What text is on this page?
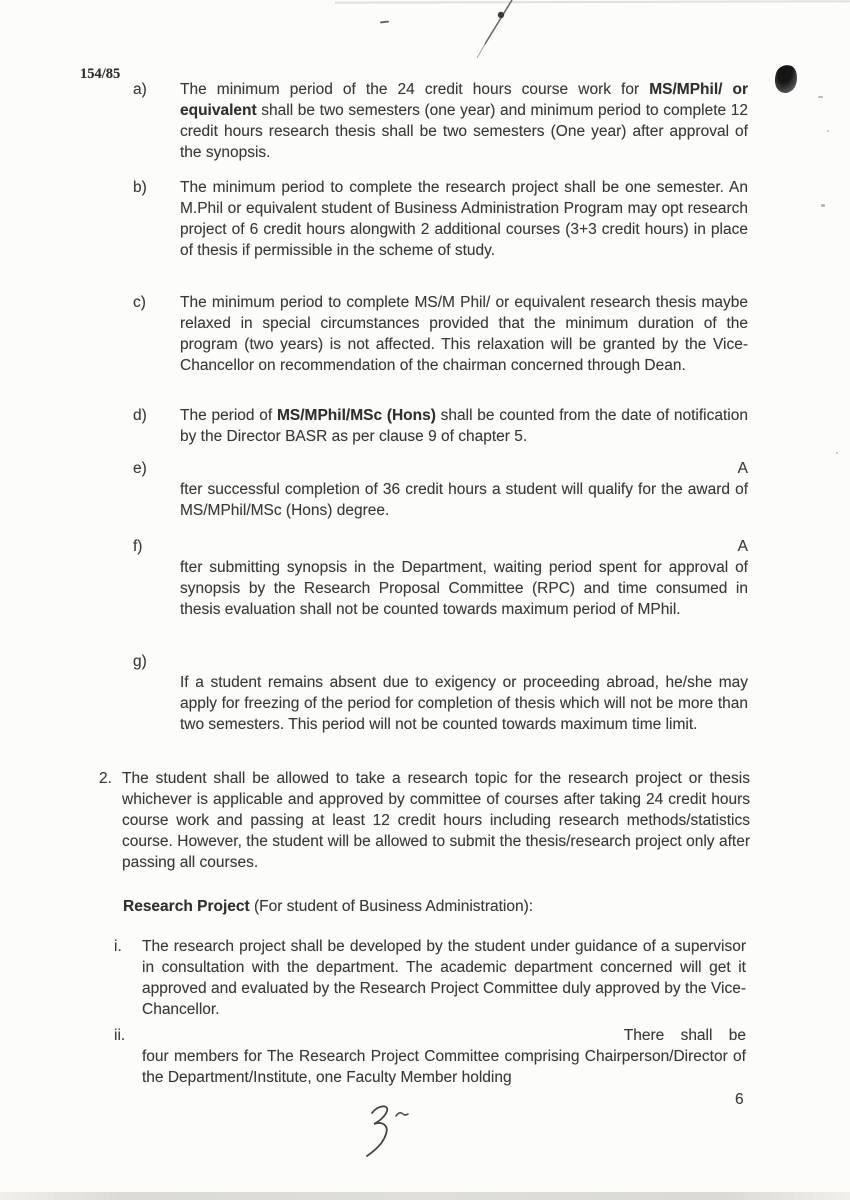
154/85
a)	The minimum period of the 24 credit hours course work for MS/MPhil/ or equivalent shall be two semesters (one year) and minimum period to complete 12 credit hours research thesis shall be two semesters (One year) after approval of the synopsis.
b)	The minimum period to complete the research project shall be one semester. An M.Phil or equivalent student of Business Administration Program may opt research project of 6 credit hours alongwith 2 additional courses (3+3 credit hours) in place of thesis if permissible in the scheme of study.
c)	The minimum period to complete MS/M Phil/ or equivalent research thesis maybe relaxed in special circumstances provided that the minimum duration of the program (two years) is not affected. This relaxation will be granted by the Vice-Chancellor on recommendation of the chairman concerned through Dean.
d)	The period of MS/MPhil/MSc (Hons) shall be counted from the date of notification by the Director BASR as per clause 9 of chapter 5.
e)	A
fter successful completion of 36 credit hours a student will qualify for the award of MS/MPhil/MSc (Hons) degree.
f)	A
fter submitting synopsis in the Department, waiting period spent for approval of synopsis by the Research Proposal Committee (RPC) and time consumed in thesis evaluation shall not be counted towards maximum period of MPhil.
g)
If a student remains absent due to exigency or proceeding abroad, he/she may apply for freezing of the period for completion of thesis which will not be more than two semesters. This period will not be counted towards maximum time limit.
2. The student shall be allowed to take a research topic for the research project or thesis whichever is applicable and approved by committee of courses after taking 24 credit hours course work and passing at least 12 credit hours including research methods/statistics course. However, the student will be allowed to submit the thesis/research project only after passing all courses.
Research Project (For student of Business Administration):
i.	The research project shall be developed by the student under guidance of a supervisor in consultation with the department. The academic department concerned will get it approved and evaluated by the Research Project Committee duly approved by the Vice-Chancellor.
ii.	There shall be
four members for The Research Project Committee comprising Chairperson/Director of the Department/Institute, one Faculty Member holding
6
